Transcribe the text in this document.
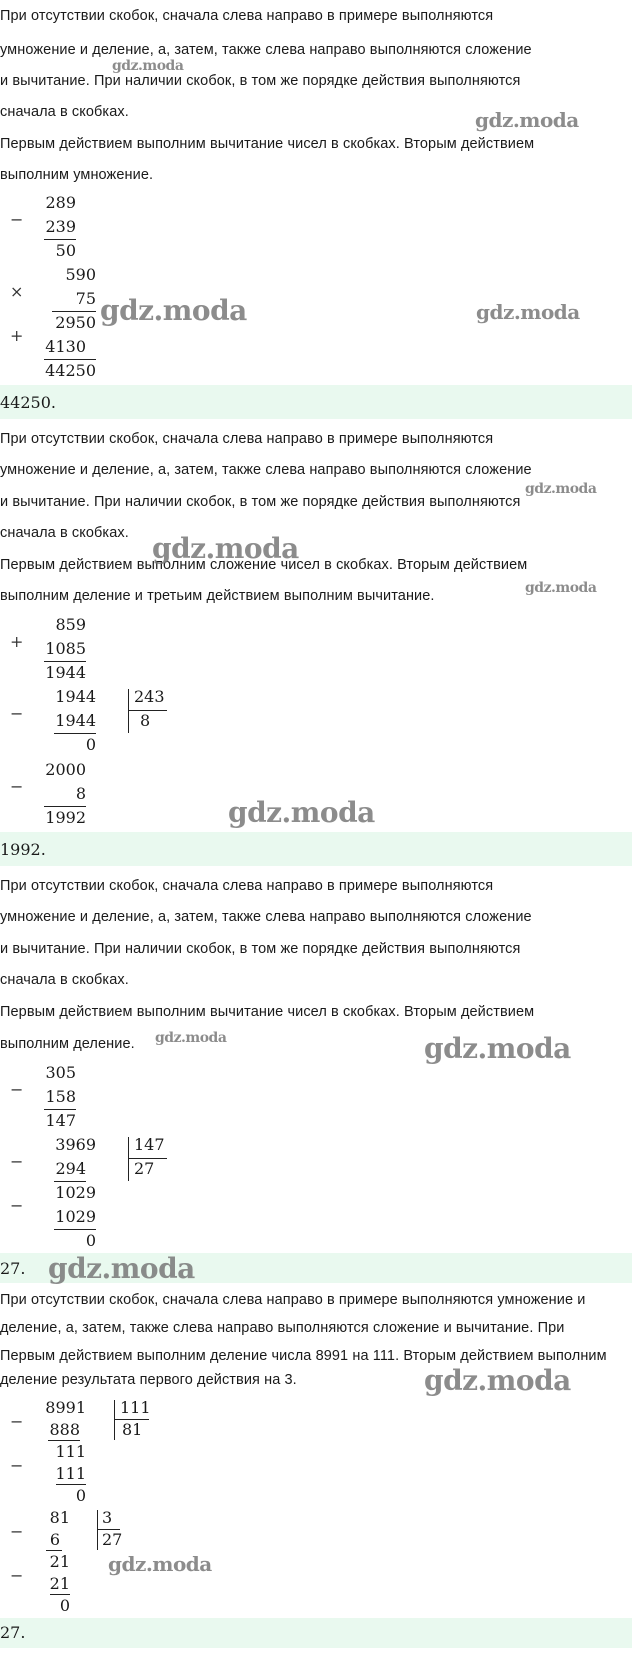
При отсутствии скобок, сначала слева направо в примере выполняются
умножение и деление, а, затем, также слева направо выполняются сложение
и вычитание. При наличии скобок, в том же порядке действия выполняются
сначала в скобках.
Первым действием выполним вычитание чисел в скобках. Вторым действием
выполним умножение.
−
289
239
50
×
590
75
2950
+
4130
44250
44250.
При отсутствии скобок, сначала слева направо в примере выполняются
умножение и деление, а, затем, также слева направо выполняются сложение
и вычитание. При наличии скобок, в том же порядке действия выполняются
сначала в скобках.
Первым действием выполним сложение чисел в скобках. Вторым действием
выполним деление и третьим действием выполним вычитание.
+
859
1085
1944
−
1944
1944
0
243
8
−
2000
8
1992
1992.
При отсутствии скобок, сначала слева направо в примере выполняются
умножение и деление, а, затем, также слева направо выполняются сложение
и вычитание. При наличии скобок, в том же порядке действия выполняются
сначала в скобках.
Первым действием выполним вычитание чисел в скобках. Вторым действием
выполним деление.
−
305
158
147
−
3969
294
147
27
−
1029
1029
0
27.
При отсутствии скобок, сначала слева направо в примере выполняются умножение и
деление, а, затем, также слева направо выполняются сложение и вычитание. При
Первым действием выполним деление числа 8991 на 111. Вторым действием выполним
деление результата первого действия на 3.
−
8991
888
111
81
−
111
111
0
−
81
6
3
27
−
21
21
0
27.
gdz.moda
gdz.moda
gdz.moda	gdz.moda
gdz.moda
gdz.moda
gdz.moda
gdz.moda
gdz.moda	gdz.moda
gdz.moda
gdz.moda
gdz.moda
